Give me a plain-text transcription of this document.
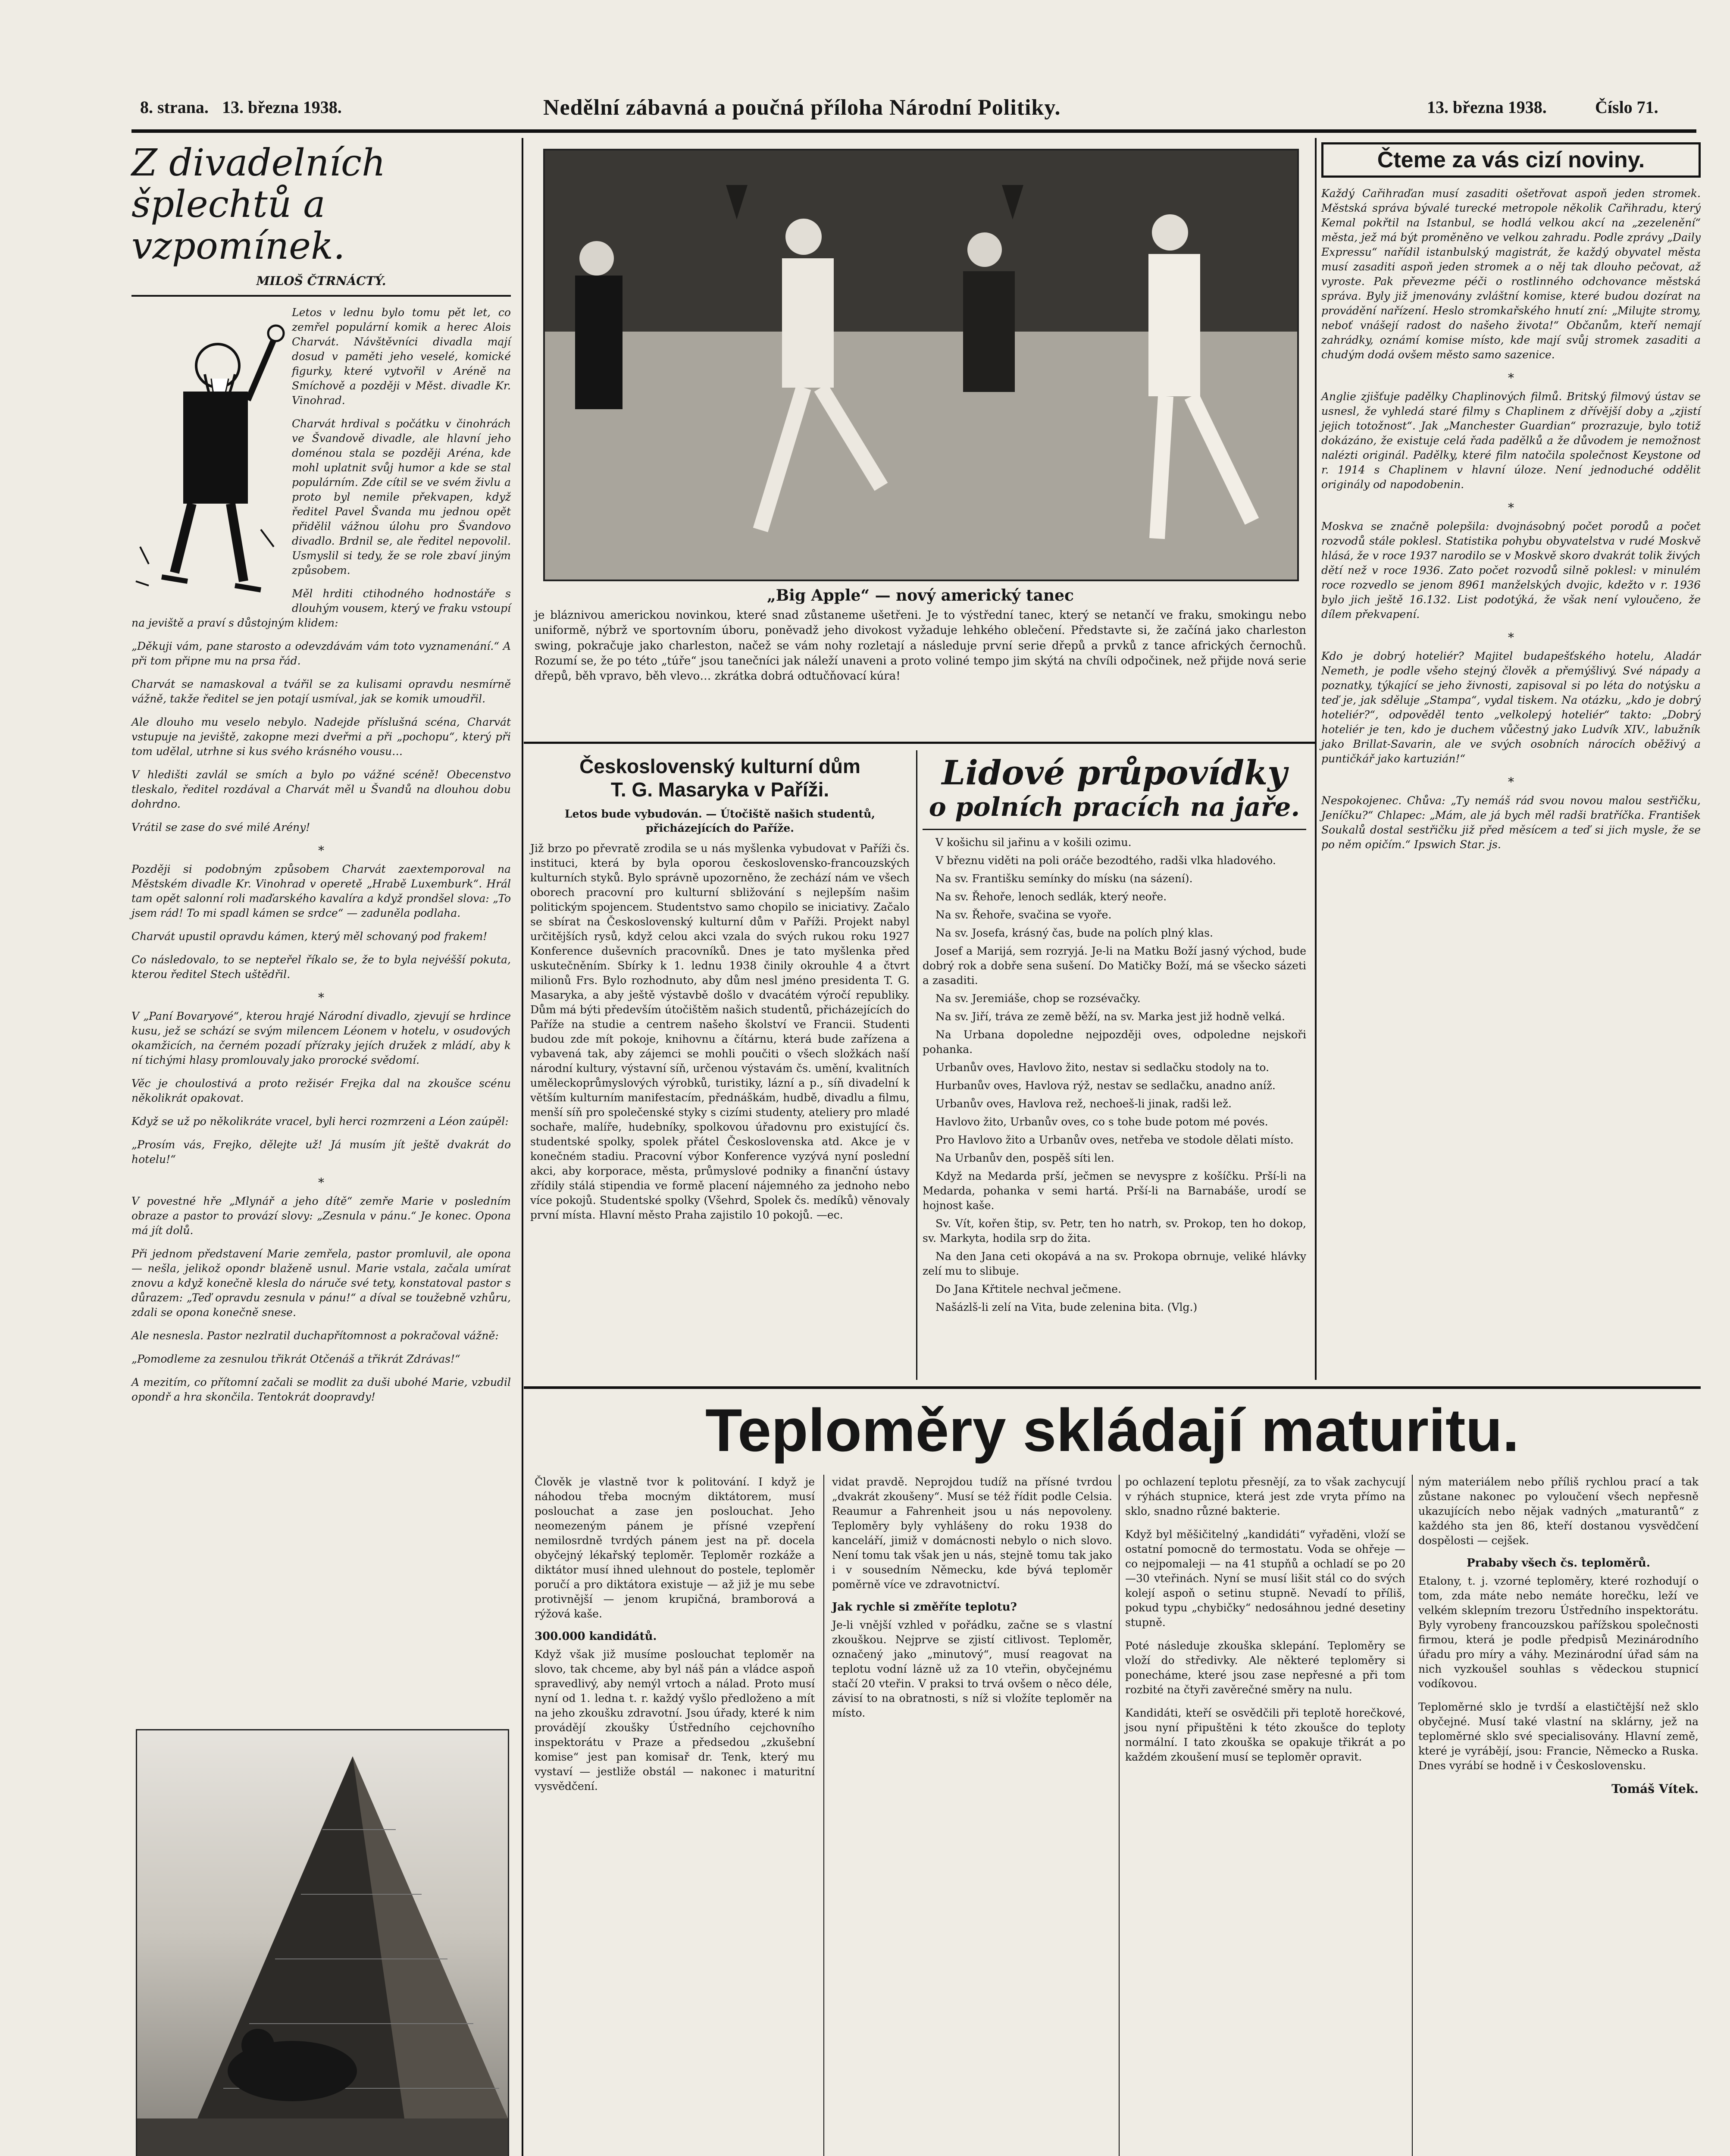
8. strana. 13. března 1938.	Nedělní zábavná a poučná příloha Národní Politiky.	13. března 1938.	Číslo 71.
Z divadelních šplechtů a vzpomínek.
MILOŠ ČTRNÁCTÝ.

Letos v lednu bylo tomu pět let, co zemřel populární komik a herec Alois Charvát. Návštěvníci divadla mají dosud v paměti jeho veselé, komické figurky, které vytvořil v Aréně na Smíchově a později v Měst. divadle Kr. Vinohrad.

Charvát hrdival s počátku v činohrách ve Švandově divadle, ale hlavní jeho doménou stala se později Aréna, kde mohl uplatnit svůj humor a kde se stal populárním. Zde cítil se ve svém živlu a proto byl nemile překvapen, když ředitel Pavel Švanda mu jednou opět přidělil vážnou úlohu pro Švandovo divadlo. Brdnil se, ale ředitel nepovolil. Usmyslil si tedy, že se role zbaví jiným způsobem.

Měl hrditi ctihodného hodnostáře s dlouhým vousem, který ve fraku vstoupí na jeviště a praví s důstojným klidem:

„Děkuji vám, pane starosto a odevzdávám vám toto vyznamenání.“ A při tom připne mu na prsa řád.

Charvát se namaskoval a tvářil se za kulisami opravdu nesmírně vážně, takže ředitel se jen potají usmíval, jak se komik umoudřil.

Ale dlouho mu veselo nebylo. Nadejde příslušná scéna, Charvát vstupuje na jeviště, zakopne mezi dveřmi a při „pochopu“, který při tom udělal, utrhne si kus svého krásného vousu…

V hledišti zavlál se smích a bylo po vážné scéně! Obecenstvo tleskalo, ředitel rozdával a Charvát měl u Švandů na dlouhou dobu dohrdno.

Vrátil se zase do své milé Arény!

*

Později si podobným způsobem Charvát zaextemporoval na Městském divadle Kr. Vinohrad v operetě „Hrabě Luxemburk“. Hrál tam opět salonní roli maďarského kavalíra a když prondšel slova: „To jsem rád! To mi spadl kámen se srdce“ — zaduněla podlaha.

Charvát upustil opravdu kámen, který měl schovaný pod frakem!

Co následovalo, to se nepteřel říkalo se, že to byla nejvéšší pokuta, kterou ředitel Stech uštědřil.

*

V „Paní Bovaryové“, kterou hrajé Národní divadlo, zjevují se hrdince kusu, jež se schází se svým milencem Léonem v hotelu, v osudových okamžicích, na černém pozadí přízraky jejích družek z mládí, aby k ní tichými hlasy promlouvaly jako prorocké svědomí.

Věc je choulostivá a proto režisér Frejka dal na zkoušce scénu několikrát opakovat.

Když se už po několikráte vracel, byli herci rozmrzeni a Léon zaúpěl:

„Prosím vás, Frejko, dělejte už! Já musím jít ještě dvakrát do hotelu!“

*

V povestné hře „Mlynář a jeho dítě“ zemře Marie v posledním obraze a pastor to provází slovy: „Zesnula v pánu.“ Je konec. Opona má jít dolů.

Při jednom představení Marie zemřela, pastor promluvil, ale opona — nešla, jelikož opondr blaženě usnul. Marie vstala, začala umírat znovu a když konečně klesla do náruče své tety, konstatoval pastor s důrazem: „Teď opravdu zesnula v pánu!“ a díval se toužebně vzhůru, zdali se opona konečně snese.

Ale nesnesla. Pastor nezlratil duchapřítomnost a pokračoval vážně:

„Pomodleme za zesnulou třikrát Otčenáš a třikrát Zdrávas!“

A mezitím, co přítomní začali se modlit za duši ubohé Marie, vzbudil opondř a hra skončila. Tentokrát doopravdy!

„Big Apple“ — nový americký tanec
je bláznivou americkou novinkou, které snad zůstaneme ušetřeni. Je to výstřední tanec, který se netančí ve fraku, smokingu nebo uniformě, nýbrž ve sportovním úboru, poněvadž jeho divokost vyžaduje lehkého oblečení. Představte si, že začíná jako charleston swing, pokračuje jako charleston, načež se vám nohy rozletají a následuje první serie dřepů a prvků z tance afrických černochů. Rozumí se, že po této „túře“ jsou tanečníci jak náleží unaveni a proto voliné tempo jim skýtá na chvíli odpočinek, než přijde nová serie dřepů, běh vpravo, běh vlevo… zkrátka dobrá odtučňovací kúra!
Československý kulturní dům
T. G. Masaryka v Paříži.
Letos bude vybudován. — Útočiště našich studentů, přicházejících do Paříže.

Již brzo po převratě zrodila se u nás myšlenka vybudovat v Paříži čs. instituci, která by byla oporou československo-francouzských kulturních styků. Bylo správně upozorněno, že zechází nám ve všech oborech pracovní pro kulturní sbližování s nejlepším našim politickým spojencem. Studentstvo samo chopilo se iniciativy. Začalo se sbírat na Československý kulturní dům v Paříži. Projekt nabyl určitějších rysů, když celou akci vzala do svých rukou roku 1927 Konference duševních pracovníků. Dnes je tato myšlenka před uskutečněním. Sbírky k 1. lednu 1938 činily okrouhle 4 a čtvrt milionů Frs. Bylo rozhodnuto, aby dům nesl jméno presidenta T. G. Masaryka, a aby ještě výstavbě došlo v dvacátém výročí republiky. Dům má býti především útočištěm našich studentů, přicházejících do Paříže na studie a centrem našeho školství ve Francii. Studenti budou zde mít pokoje, knihovnu a čítárnu, která bude zařízena a vybavená tak, aby zájemci se mohli poučiti o všech složkách naší národní kultury, výstavní síň, určenou výstavám čs. umění, kvalitních uměleckoprůmyslových výrobků, turistiky, lázní a p., síň divadelní k větším kulturním manifestacím, přednáškám, hudbě, divadlu a filmu, menší síň pro společenské styky s cizími studenty, ateliery pro mladé sochaře, malíře, hudebníky, spolkovou úřadovnu pro existující čs. studentské spolky, spolek přátel Československa atd. Akce je v konečném stadiu. Pracovní výbor Konference vyzývá nyní poslední akci, aby korporace, města, průmyslové podniky a finanční ústavy zřídily stálá stipendia ve formě placení nájemného za jednoho nebo více pokojů. Studentské spolky (Všehrd, Spolek čs. medíků) věnovaly první místa. Hlavní město Praha zajistilo 10 pokojů. —ec.

Lidové průpovídky
o polních pracích na jaře.

V košichu sil jařinu a v košili ozimu.

V březnu viděti na poli oráče bezodtého, radši vlka hladového.

Na sv. Františku semínky do mísku (na sázení).

Na sv. Řehoře, lenoch sedlák, který neoře.

Na sv. Řehoře, svačina se vyoře.

Na sv. Josefa, krásný čas, bude na polích plný klas.

Josef a Marijá, sem rozryjá. Je-li na Matku Boží jasný východ, bude dobrý rok a dobře sena sušení. Do Matičky Boží, má se všecko sázeti a zasaditi.

Na sv. Jeremiáše, chop se rozsévačky.

Na sv. Jiří, tráva ze země běží, na sv. Marka jest již hodně velká.

Na Urbana dopoledne nejpozději oves, odpoledne nejskoři pohanka.

Urbanův oves, Havlovo žito, nestav si sedlačku stodoly na to.

Hurbanův oves, Havlova rýž, nestav se sedlačku, anadno aníž.

Urbanův oves, Havlova rež, nechoeš-li jinak, radši lež.

Havlovo žito, Urbanův oves, co s tohe bude potom mé povés.

Pro Havlovo žito a Urbanův oves, netřeba ve stodole dělati místo.

Na Urbanův den, pospěš síti len.

Když na Medarda prší, ječmen se nevyspre z košíčku. Prší-li na Medarda, pohanka v semi hartá. Prší-li na Barnabáše, urodí se hojnost kaše.

Sv. Vít, kořen štip, sv. Petr, ten ho natrh, sv. Prokop, ten ho dokop, sv. Markyta, hodila srp do žita.

Na den Jana ceti okopává a na sv. Prokopa obrnuje, veliké hlávky zelí mu to slibuje.

Do Jana Křtitele nechval ječmene.

Našázlš-li zelí na Vita, bude zelenina bita. (Vlg.)

Čteme za vás cizí noviny.

Každý Cařihraďan musí zasaditi ošetřovat aspoň jeden stromek. Městská správa bývalé turecké metropole několik Cařihradu, který Kemal pokřtil na Istanbul, se hodlá velkou akcí na „zezelenění“ města, jež má být proměněno ve velkou zahradu. Podle zprávy „Daily Expressu“ nařídil istanbulský magistrát, že každý obyvatel města musí zasaditi aspoň jeden stromek a o něj tak dlouho pečovat, až vyroste. Pak převezme péči o rostlinného odchovance městská správa. Byly již jmenovány zvláštní komise, které budou dozírat na provádění nařízení. Heslo stromkařského hnutí zní: „Milujte stromy, neboť vnášejí radost do našeho života!“ Občanům, kteří nemají zahrádky, oznámí komise místo, kde mají svůj stromek zasaditi a chudým dodá ovšem město samo sazenice.

*

Anglie zjišťuje padělky Chaplinových filmů. Britský filmový ústav se usnesl, že vyhledá staré filmy s Chaplinem z dřívější doby a „zjistí jejich totožnost“. Jak „Manchester Guardian“ prozrazuje, bylo totiž dokázáno, že existuje celá řada padělků a že důvodem je nemožnost nalézti originál. Padělky, které film natočila společnost Keystone od r. 1914 s Chaplinem v hlavní úloze. Není jednoduché oddělit originály od napodobenin.

*

Moskva se značně polepšila: dvojnásobný počet porodů a počet rozvodů stále poklesl. Statistika pohybu obyvatelstva v rudé Moskvě hlásá, že v roce 1937 narodilo se v Moskvě skoro dvakrát tolik živých dětí než v roce 1936. Zato počet rozvodů silně poklesl: v minulém roce rozvedlo se jenom 8961 manželských dvojic, kdežto v r. 1936 bylo jich ještě 16.132. List podotýká, že však není vyloučeno, že dílem překvapení.

*

Kdo je dobrý hoteliér? Majitel budapešťského hotelu, Aladár Nemeth, je podle všeho stejný člověk a přemýšlivý. Své nápady a poznatky, týkající se jeho živnosti, zapisoval si po léta do notýsku a teď je, jak sděluje „Stampa“, vydal tiskem. Na otázku, „kdo je dobrý hoteliér?“, odpověděl tento „velkolepý hoteliér“ takto: „Dobrý hoteliér je ten, kdo je duchem vůčestný jako Ludvík XIV., labužník jako Brillat-Savarin, ale ve svých osobních nárocích oběživý a puntičkář jako kartuzián!“

*

Nespokojenec. Chůva: „Ty nemáš rád svou novou malou sestřičku, Jeníčku?“ Chlapec: „Mám, ale já bych měl radši bratříčka. František Soukalů dostal sestřičku již před měsícem a teď si jich mysle, že se po něm opičím.“ Ipswich Star. js.

Teploměry skládají maturitu.

Člověk je vlastně tvor k politování. I když je náhodou třeba mocným diktátorem, musí poslouchat a zase jen poslouchat. Jeho neomezeným pánem je přísné vzepření nemilosrdně tvrdých pánem jest na př. docela obyčejný lékařský teploměr. Teploměr rozkáže a diktátor musí ihned ulehnout do postele, teploměr poručí a pro diktátora existuje — až již je mu sebe protivnější — jenom krupičná, bramborová a rýžová kaše.

300.000 kandidátů.

Když však již musíme poslouchat teploměr na slovo, tak chceme, aby byl náš pán a vládce aspoň spravedlivý, aby nemýl vrtoch a nálad. Proto musí nyní od 1. ledna t. r. každý vyšlo předloženo a mít na jeho zkoušku zdravotní. Jsou úřady, které k nim provádějí zkoušky Ústředního cejchovního inspektorátu v Praze a předsedou „zkušební komise“ jest pan komisař dr. Tenk, který mu vystaví — jestliže obstál — nakonec i maturitní vysvědčení.

vidat pravdě. Neprojdou tudíž na přísné tvrdou „dvakrát zkoušeny“. Musí se též řídit podle Celsia. Reaumur a Fahrenheit jsou u nás nepovoleny. Teploměry byly vyhlášeny do roku 1938 do kanceláří, jimiž v domácnosti nebylo o nich slovo. Není tomu tak však jen u nás, stejně tomu tak jako i v sousedním Německu, kde bývá teploměr poměrně více ve zdravotnictví.

Jak rychle si změříte teplotu?

Je-li vnější vzhled v pořádku, začne se s vlastní zkouškou. Nejprve se zjistí citlivost. Teploměr, označený jako „minutový“, musí reagovat na teplotu vodní lázně už za 10 vteřin, obyčejnému stačí 20 vteřin. V praksi to trvá ovšem o něco déle, závisí to na obratnosti, s níž si vložíte teploměr na místo.

po ochlazení teplotu přesnějí, za to však zachycují v rýhách stupnice, která jest zde vryta přímo na sklo, snadno různé bakterie.

Když byl měšičitelný „kandidáti“ vyřaděni, vloží se ostatní pomocně do termostatu. Voda se ohřeje — co nejpomaleji — na 41 stupňů a ochladí se po 20—30 vteřinách. Nyní se musí lišit stál co do svých kolejí aspoň o setinu stupně. Nevadí to příliš, pokud typu „chybičky“ nedosáhnou jedné desetiny stupně.

Poté následuje zkouška sklepání. Teploměry se vloží do středivky. Ale některé teploměry si ponecháme, které jsou zase nepřesné a při tom rozbité na čtyři zavěrečné směry na nulu.

Kandidáti, kteří se osvědčili při teplotě horečkové, jsou nyní připuštěni k této zkoušce do teploty normální. I tato zkouška se opakuje třikrát a po každém zkoušení musí se teploměr opravit.

ným materiálem nebo příliš rychlou prací a tak zůstane nakonec po vyloučení všech nepřesně ukazujících nebo nějak vadných „maturantů“ z každého sta jen 86, kteří dostanou vysvědčení dospělosti — cejšek.

Prababy všech čs. teploměrů.

Etalony, t. j. vzorné teploměry, které rozhodují o tom, zda máte nebo nemáte horečku, leží ve velkém sklepním trezoru Ústředního inspektorátu. Byly vyrobeny francouzskou pařížskou společnosti firmou, která je podle předpisů Mezinárodního úřadu pro míry a váhy. Mezinárodní úřad sám na nich vyzkoušel souhlas s vědeckou stupnicí vodíkovou.

Teploměrné sklo je tvrdší a elastičtější než sklo obyčejné. Musí také vlastní na sklárny, jež na teploměrné sklo své specialisovány. Hlavní země, které je vyrábějí, jsou: Francie, Německo a Ruska. Dnes vyrábí se hodně i v Československu.

Tomáš Vítek.
